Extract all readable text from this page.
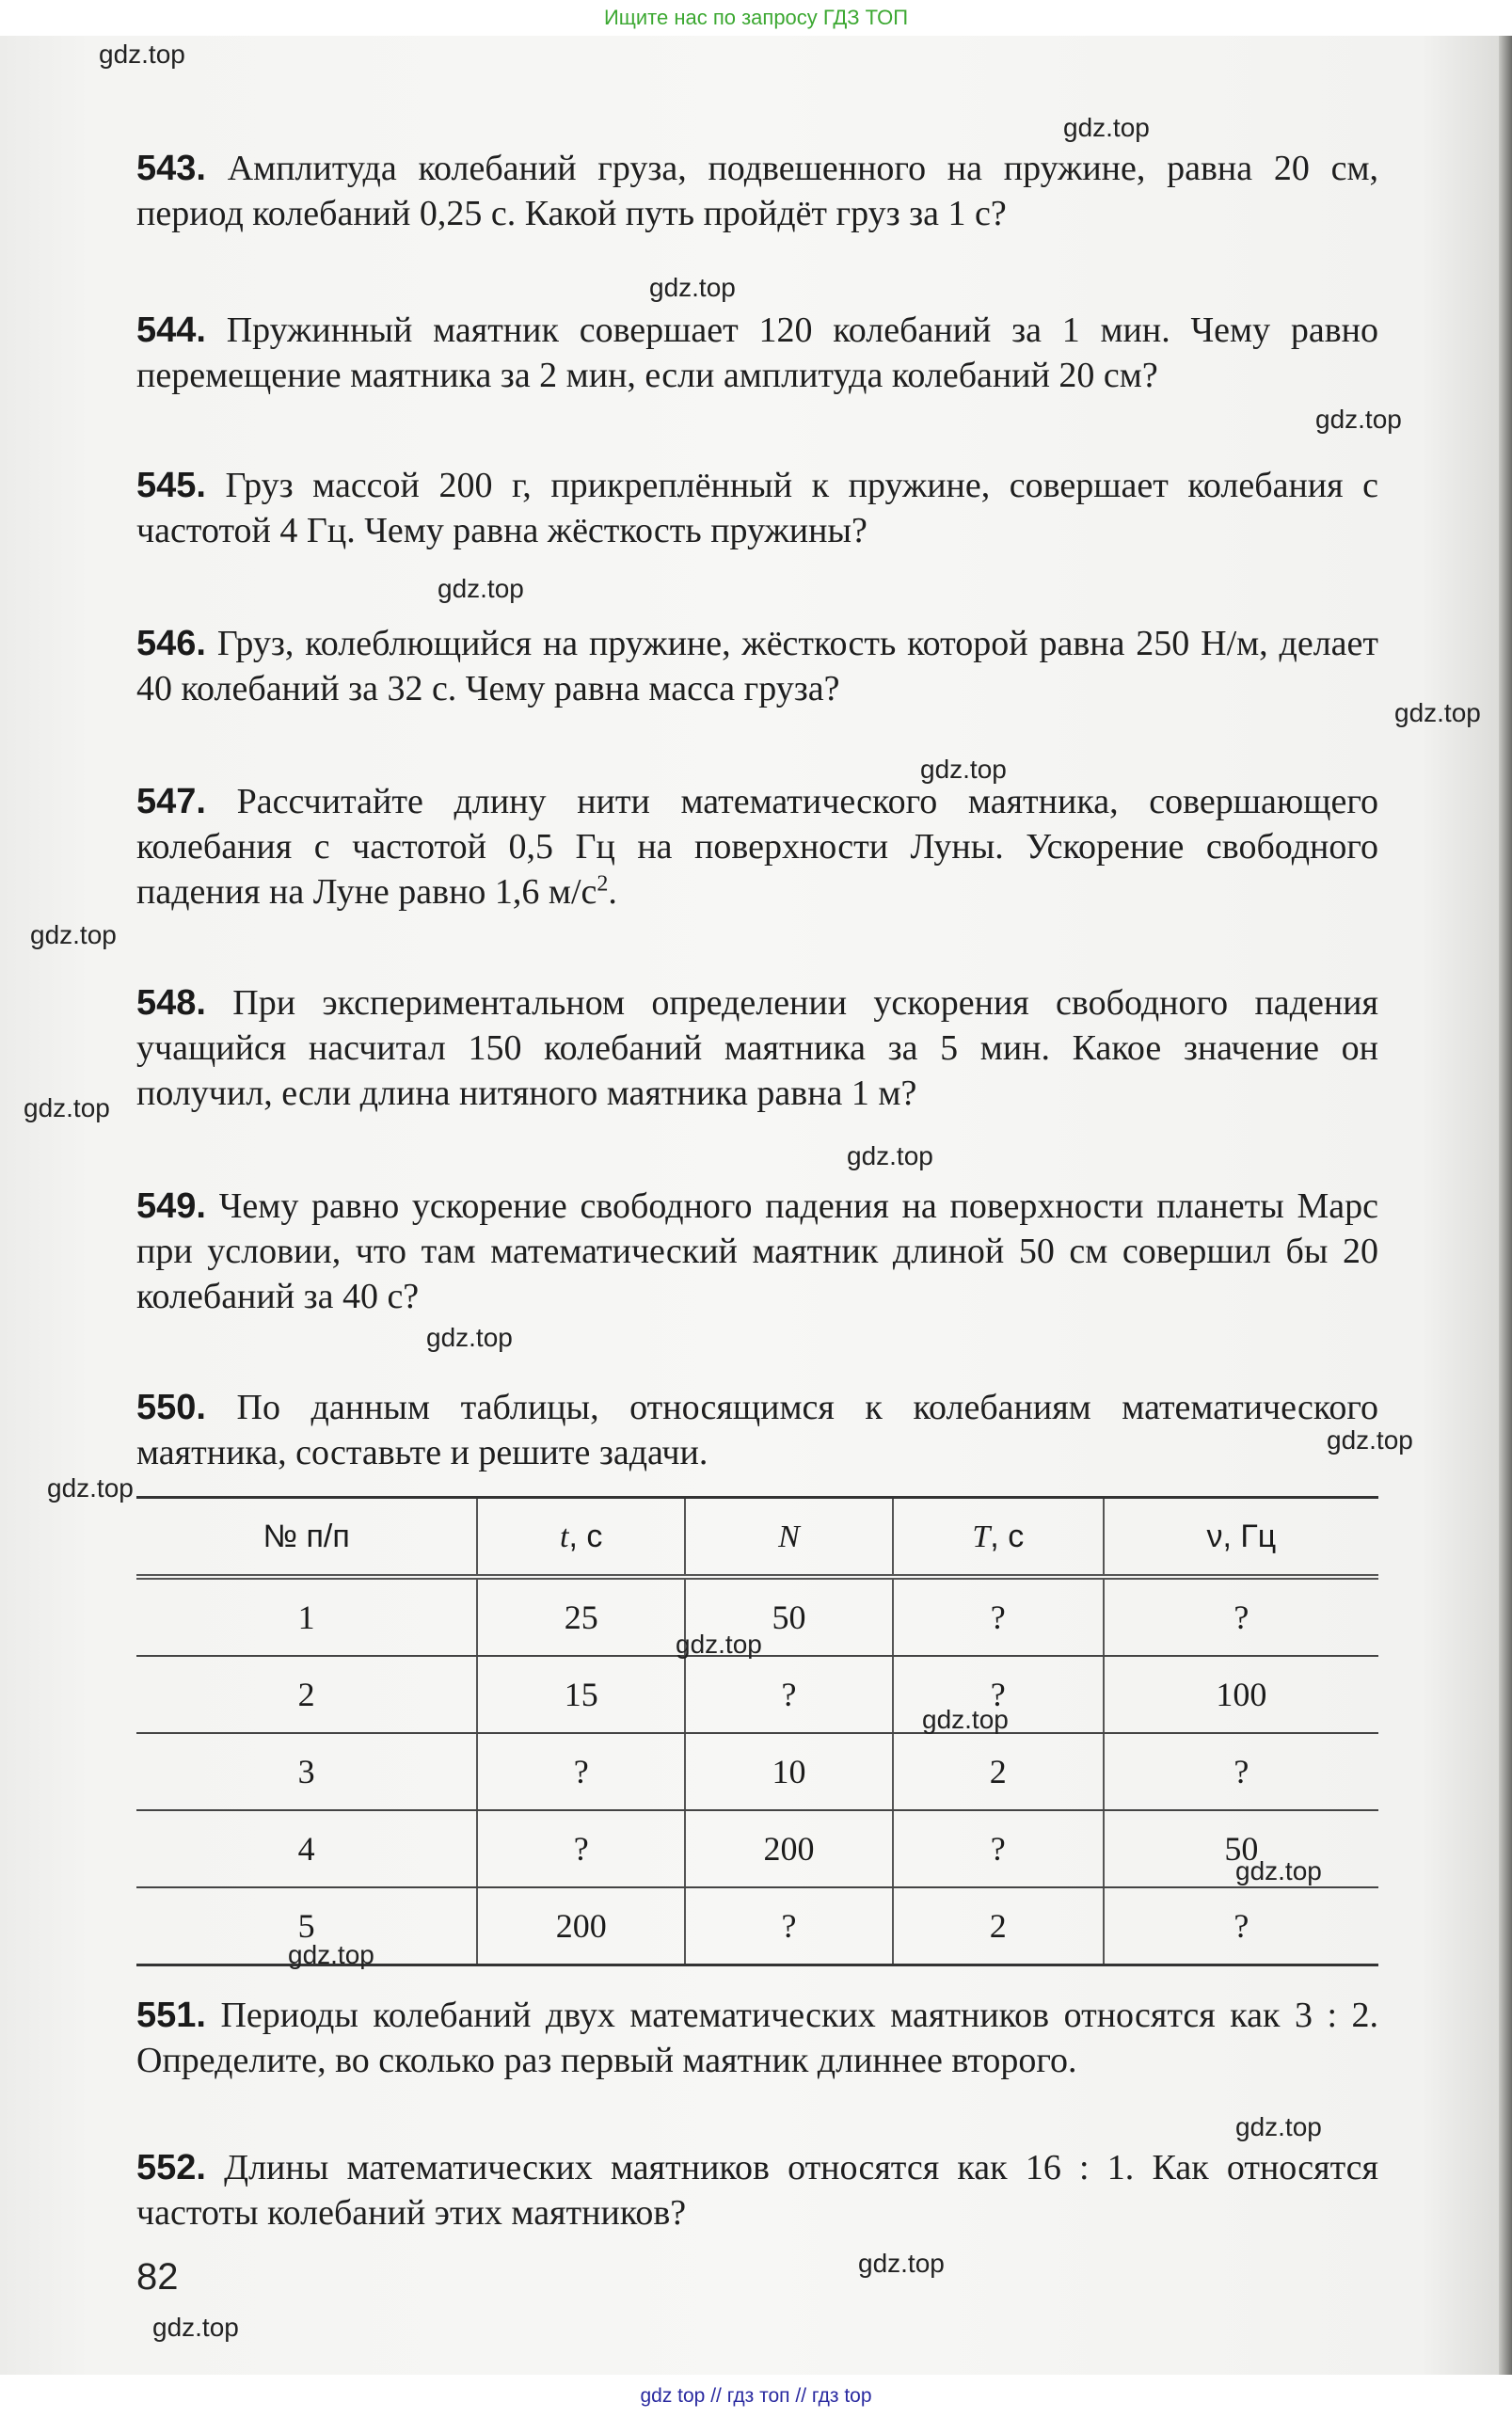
Ищите нас по запросу ГДЗ ТОП

543. Амплитуда колебаний груза, подвешенного на пружине, равна 20 см, период колебаний 0,25 с. Какой путь пройдёт груз за 1 с?

544. Пружинный маятник совершает 120 колебаний за 1 мин. Чему равно перемещение маятника за 2 мин, если амплитуда колебаний 20 см?

545. Груз массой 200 г, прикреплённый к пружине, совершает колебания с частотой 4 Гц. Чему равна жёсткость пружины?

546. Груз, колеблющийся на пружине, жёсткость которой равна 250 Н/м, делает 40 колебаний за 32 с. Чему равна масса груза?

547. Рассчитайте длину нити математического маятника, совершающего колебания с частотой 0,5 Гц на поверхности Луны. Ускорение свободного падения на Луне равно 1,6 $м/с^2$.

548. При экспериментальном определении ускорения свободного падения учащийся насчитал 150 колебаний маятника за 5 мин. Какое значение он получил, если длина нитяного маятника равна 1 м?

549. Чему равно ускорение свободного падения на поверхности планеты Марс при условии, что там математический маятник длиной 50 см совершил бы 20 колебаний за 40 с?

550. По данным таблицы, относящимся к колебаниям математического маятника, составьте и решите задачи.

№ п/п	t, с	N	T, с	ν, Гц
1	25	50	?	?
2	15	?	?	100
3	?	10	2	?
4	?	200	?	50
5	200	?	2	?

551. Периоды колебаний двух математических маятников относятся как 3 : 2. Определите, во сколько раз первый маятник длиннее второго.

552. Длины математических маятников относятся как 16 : 1. Как относятся частоты колебаний этих маятников?

82
gdz.top
gdz.top
gdz.top
gdz.top
gdz.top
gdz.top
gdz.top
gdz.top
gdz.top
gdz.top
gdz.top
gdz.top
gdz.top
gdz.top
gdz.top
gdz.top
gdz.top
gdz.top
gdz.top
gdz.top
gdz top // гдз топ // гдз top
